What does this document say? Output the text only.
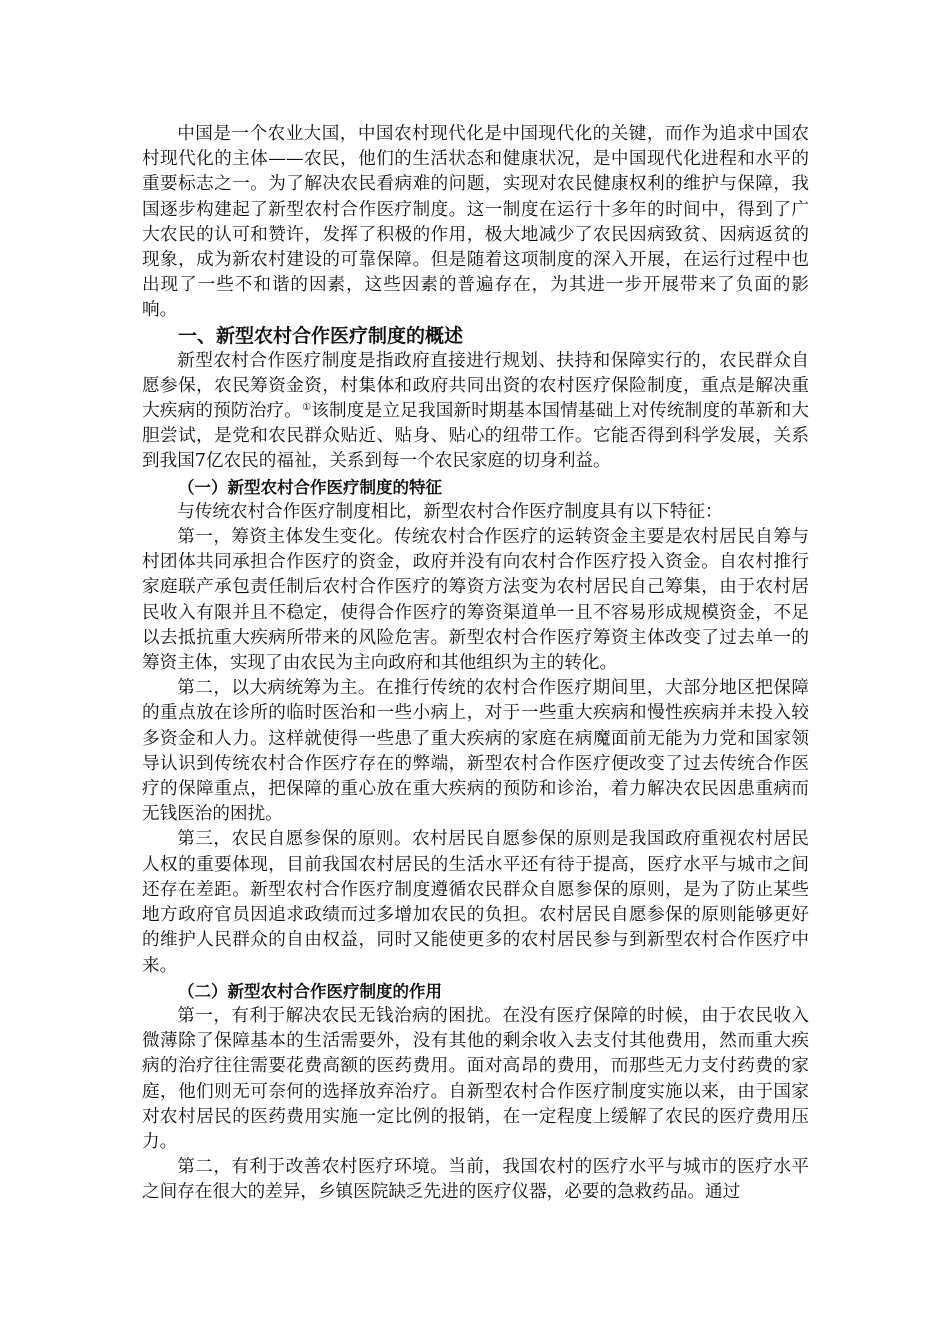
中国是一个农业大国，中国农村现代化是中国现代化的关键，而作为追求中国农村现代化的主体——农民，他们的生活状态和健康状况，是中国现代化进程和水平的重要标志之一。为了解决农民看病难的问题，实现对农民健康权利的维护与保障，我国逐步构建起了新型农村合作医疗制度。这一制度在运行十多年的时间中，得到了广大农民的认可和赞许，发挥了积极的作用，极大地减少了农民因病致贫、因病返贫的现象，成为新农村建设的可靠保障。但是随着这项制度的深入开展，在运行过程中也出现了一些不和谐的因素，这些因素的普遍存在，为其进一步开展带来了负面的影响。

一、新型农村合作医疗制度的概述

新型农村合作医疗制度是指政府直接进行规划、扶持和保障实行的，农民群众自愿参保，农民筹资金资，村集体和政府共同出资的农村医疗保险制度，重点是解决重大疾病的预防治疗。①该制度是立足我国新时期基本国情基础上对传统制度的革新和大胆尝试，是党和农民群众贴近、贴身、贴心的纽带工作。它能否得到科学发展，关系到我国7亿农民的福祉，关系到每一个农民家庭的切身利益。

（一）新型农村合作医疗制度的特征

与传统农村合作医疗制度相比，新型农村合作医疗制度具有以下特征：

第一，筹资主体发生变化。传统农村合作医疗的运转资金主要是农村居民自筹与村团体共同承担合作医疗的资金，政府并没有向农村合作医疗投入资金。自农村推行家庭联产承包责任制后农村合作医疗的筹资方法变为农村居民自己筹集，由于农村居民收入有限并且不稳定，使得合作医疗的筹资渠道单一且不容易形成规模资金，不足以去抵抗重大疾病所带来的风险危害。新型农村合作医疗筹资主体改变了过去单一的筹资主体，实现了由农民为主向政府和其他组织为主的转化。

第二，以大病统筹为主。在推行传统的农村合作医疗期间里，大部分地区把保障的重点放在诊所的临时医治和一些小病上，对于一些重大疾病和慢性疾病并未投入较多资金和人力。这样就使得一些患了重大疾病的家庭在病魔面前无能为力党和国家领导认识到传统农村合作医疗存在的弊端，新型农村合作医疗便改变了过去传统合作医疗的保障重点，把保障的重心放在重大疾病的预防和诊治，着力解决农民因患重病而无钱医治的困扰。

第三，农民自愿参保的原则。农村居民自愿参保的原则是我国政府重视农村居民人权的重要体现，目前我国农村居民的生活水平还有待于提高，医疗水平与城市之间还存在差距。新型农村合作医疗制度遵循农民群众自愿参保的原则，是为了防止某些地方政府官员因追求政绩而过多增加农民的负担。农村居民自愿参保的原则能够更好的维护人民群众的自由权益，同时又能使更多的农村居民参与到新型农村合作医疗中来。

（二）新型农村合作医疗制度的作用

第一，有利于解决农民无钱治病的困扰。在没有医疗保障的时候，由于农民收入微薄除了保障基本的生活需要外，没有其他的剩余收入去支付其他费用，然而重大疾病的治疗往往需要花费高额的医药费用。面对高昂的费用，而那些无力支付药费的家庭，他们则无可奈何的选择放弃治疗。自新型农村合作医疗制度实施以来，由于国家对农村居民的医药费用实施一定比例的报销，在一定程度上缓解了农民的医疗费用压力。

第二，有利于改善农村医疗环境。当前，我国农村的医疗水平与城市的医疗水平之间存在很大的差异，乡镇医院缺乏先进的医疗仪器，必要的急救药品。通过
